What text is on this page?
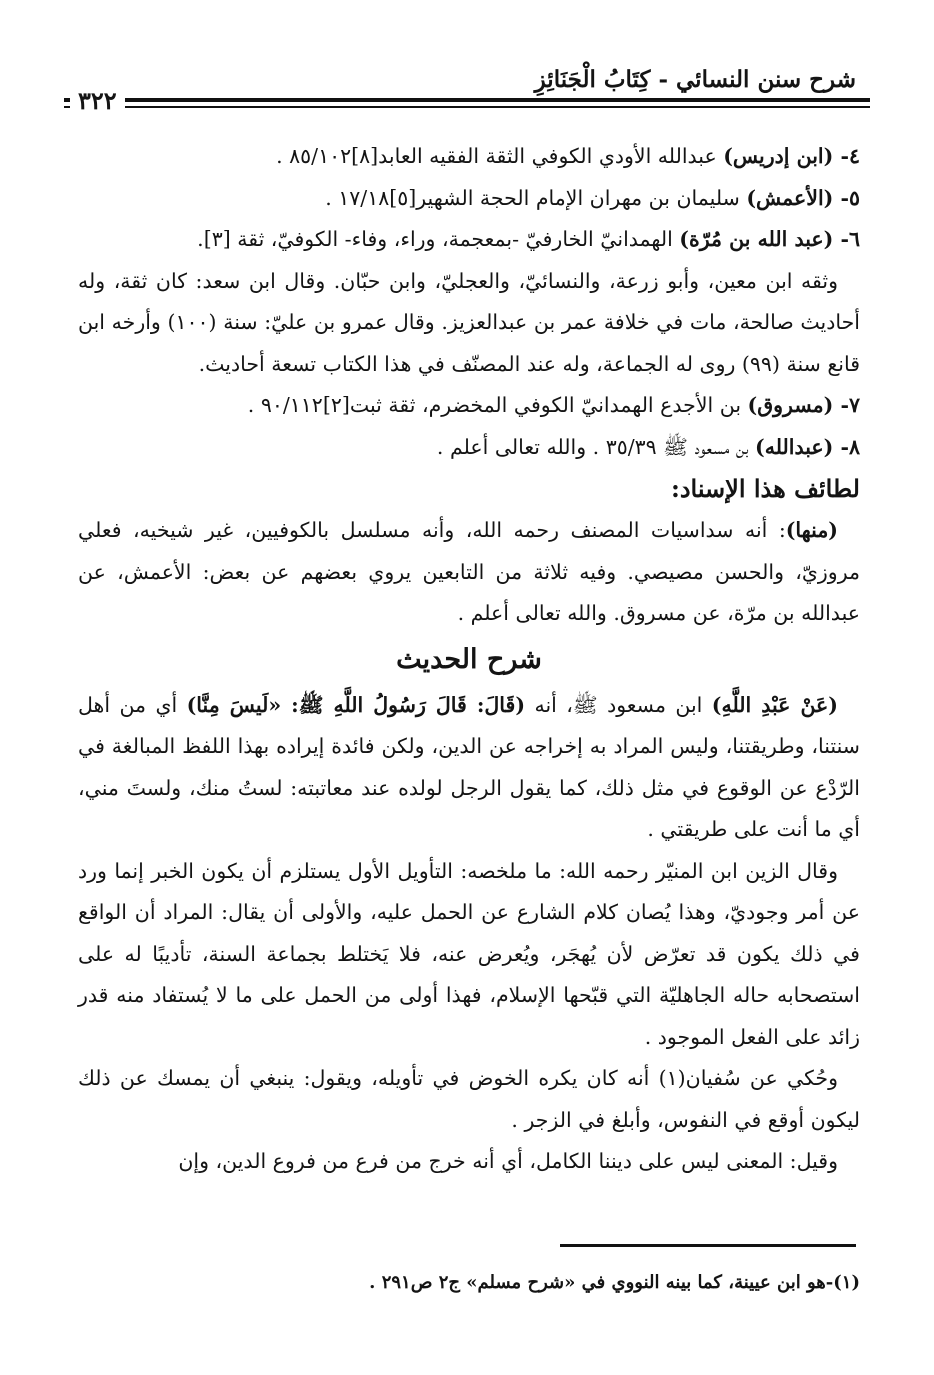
شرح سنن النسائي - كِتَابُ الْجَنَائِزِ
٣٢٢

٤- (ابن إدريس) عبدالله الأودي الكوفي الثقة الفقيه العابد[٨]٨٥/١٠٢ .

٥- (الأعمش) سليمان بن مهران الإمام الحجة الشهير[٥]١٧/١٨ .

٦- (عبد الله بن مُرّة) الهمدانيّ الخارفيّ -بمعجمة، وراء، وفاء- الكوفيّ، ثقة [٣].

وثقه ابن معين، وأبو زرعة، والنسائيّ، والعجليّ، وابن حبّان. وقال ابن سعد: كان ثقة، وله أحاديث صالحة، مات في خلافة عمر بن عبدالعزيز. وقال عمرو بن عليّ: سنة (١٠٠) وأرخه ابن قانع سنة (٩٩) روى له الجماعة، وله عند المصنّف في هذا الكتاب تسعة أحاديث.

٧- (مسروق) بن الأجدع الهمدانيّ الكوفي المخضرم، ثقة ثبت[٢]٩٠/١١٢ .

٨- (عبدالله) بن مسعود ﷺ ٣٥/٣٩ . والله تعالى أعلم .

لطائف هذا الإسناد:

(منها): أنه سداسيات المصنف رحمه الله، وأنه مسلسل بالكوفيين، غير شيخيه، فعلي مروزيّ، والحسن مصيصي. وفيه ثلاثة من التابعين يروي بعضهم عن بعض: الأعمش، عن عبدالله بن مرّة، عن مسروق. والله تعالى أعلم .

شرح الحديث

(عَنْ عَبْدِ اللَّهِ) ابن مسعود ﷺ، أنه (قَالَ: قَالَ رَسُولُ اللَّهِ ﷺ: «لَيسَ مِنَّا) أي من أهل سنتنا، وطريقتنا، وليس المراد به إخراجه عن الدين، ولكن فائدة إيراده بهذا اللفظ المبالغة في الرّدْع عن الوقوع في مثل ذلك، كما يقول الرجل لولده عند معاتبته: لستُ منك، ولستَ مني، أي ما أنت على طريقتي .

وقال الزين ابن المنيّر رحمه الله: ما ملخصه: التأويل الأول يستلزم أن يكون الخبر إنما ورد عن أمر وجوديّ، وهذا يُصان كلام الشارع عن الحمل عليه، والأولى أن يقال: المراد أن الواقع في ذلك يكون قد تعرّض لأن يُهجَر، ويُعرض عنه، فلا يَختلط بجماعة السنة، تأديبًا له على استصحابه حاله الجاهليّة التي قبّحها الإسلام، فهذا أولى من الحمل على ما لا يُستفاد منه قدر زائد على الفعل الموجود .

وحُكي عن سُفيان(١) أنه كان يكره الخوض في تأويله، ويقول: ينبغي أن يمسك عن ذلك ليكون أوقع في النفوس، وأبلغ في الزجر .

وقيل: المعنى ليس على ديننا الكامل، أي أنه خرج من فرع من فروع الدين، وإن

(١)-هو ابن عيينة، كما بينه النووي في «شرح مسلم» ج٢ ص٢٩١ .
